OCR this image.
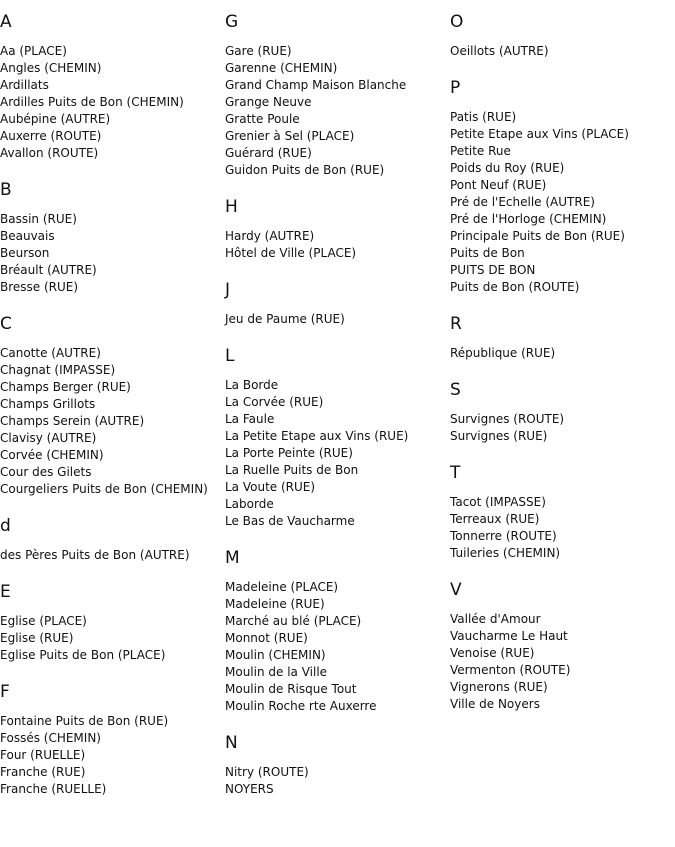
A
Aa (PLACE)
Angles (CHEMIN)
Ardillats
Ardilles Puits de Bon (CHEMIN)
Aubépine (AUTRE)
Auxerre (ROUTE)
Avallon (ROUTE)
B
Bassin (RUE)
Beauvais
Beurson
Bréault (AUTRE)
Bresse (RUE)
C
Canotte (AUTRE)
Chagnat (IMPASSE)
Champs Berger (RUE)
Champs Grillots
Champs Serein (AUTRE)
Clavisy (AUTRE)
Corvée (CHEMIN)
Cour des Gilets
Courgeliers Puits de Bon (CHEMIN)
d
des Pères Puits de Bon (AUTRE)
E
Eglise (PLACE)
Eglise (RUE)
Eglise Puits de Bon (PLACE)
F
Fontaine Puits de Bon (RUE)
Fossés (CHEMIN)
Four (RUELLE)
Franche (RUE)
Franche (RUELLE)
G
Gare (RUE)
Garenne (CHEMIN)
Grand Champ Maison Blanche
Grange Neuve
Gratte Poule
Grenier à Sel (PLACE)
Guérard (RUE)
Guidon Puits de Bon (RUE)
H
Hardy (AUTRE)
Hôtel de Ville (PLACE)
J
Jeu de Paume (RUE)
L
La Borde
La Corvée (RUE)
La Faule
La Petite Etape aux Vins (RUE)
La Porte Peinte (RUE)
La Ruelle Puits de Bon
La Voute (RUE)
Laborde
Le Bas de Vaucharme
M
Madeleine (PLACE)
Madeleine (RUE)
Marché au blé (PLACE)
Monnot (RUE)
Moulin (CHEMIN)
Moulin de la Ville
Moulin de Risque Tout
Moulin Roche rte Auxerre
N
Nitry (ROUTE)
NOYERS
O
Oeillots (AUTRE)
P
Patis (RUE)
Petite Etape aux Vins (PLACE)
Petite Rue
Poids du Roy (RUE)
Pont Neuf (RUE)
Pré de l'Echelle (AUTRE)
Pré de l'Horloge (CHEMIN)
Principale Puits de Bon (RUE)
Puits de Bon
PUITS DE BON
Puits de Bon (ROUTE)
R
République (RUE)
S
Survignes (ROUTE)
Survignes (RUE)
T
Tacot (IMPASSE)
Terreaux (RUE)
Tonnerre (ROUTE)
Tuileries (CHEMIN)
V
Vallée d'Amour
Vaucharme Le Haut
Venoise (RUE)
Vermenton (ROUTE)
Vignerons (RUE)
Ville de Noyers
